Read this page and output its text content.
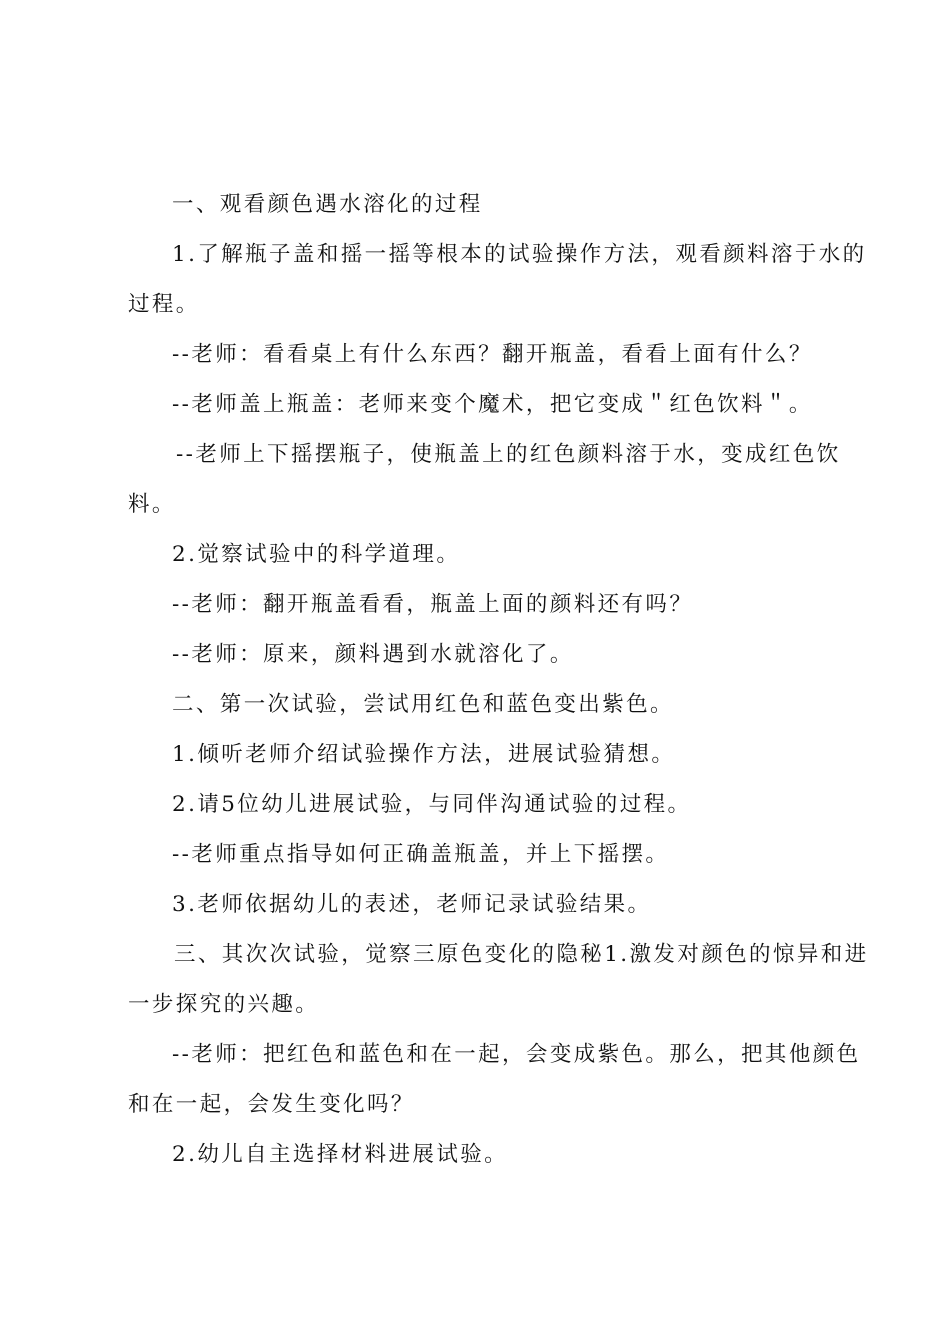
一、观看颜色遇水溶化的过程

1.了解瓶子盖和摇一摇等根本的试验操作方法，观看颜料溶于水的

过程。

--老师：看看桌上有什么东西？翻开瓶盖，看看上面有什么？

--老师盖上瓶盖：老师来变个魔术，把它变成＂红色饮料＂。

--老师上下摇摆瓶子，使瓶盖上的红色颜料溶于水，变成红色饮

料。

2.觉察试验中的科学道理。

--老师：翻开瓶盖看看，瓶盖上面的颜料还有吗？

--老师：原来，颜料遇到水就溶化了。

二、第一次试验，尝试用红色和蓝色变出紫色。

1.倾听老师介绍试验操作方法，进展试验猜想。

2.请5位幼儿进展试验，与同伴沟通试验的过程。

--老师重点指导如何正确盖瓶盖，并上下摇摆。

3.老师依据幼儿的表述，老师记录试验结果。

三、其次次试验，觉察三原色变化的隐秘1.激发对颜色的惊异和进

一步探究的兴趣。

--老师：把红色和蓝色和在一起，会变成紫色。那么，把其他颜色

和在一起，会发生变化吗？

2.幼儿自主选择材料进展试验。
